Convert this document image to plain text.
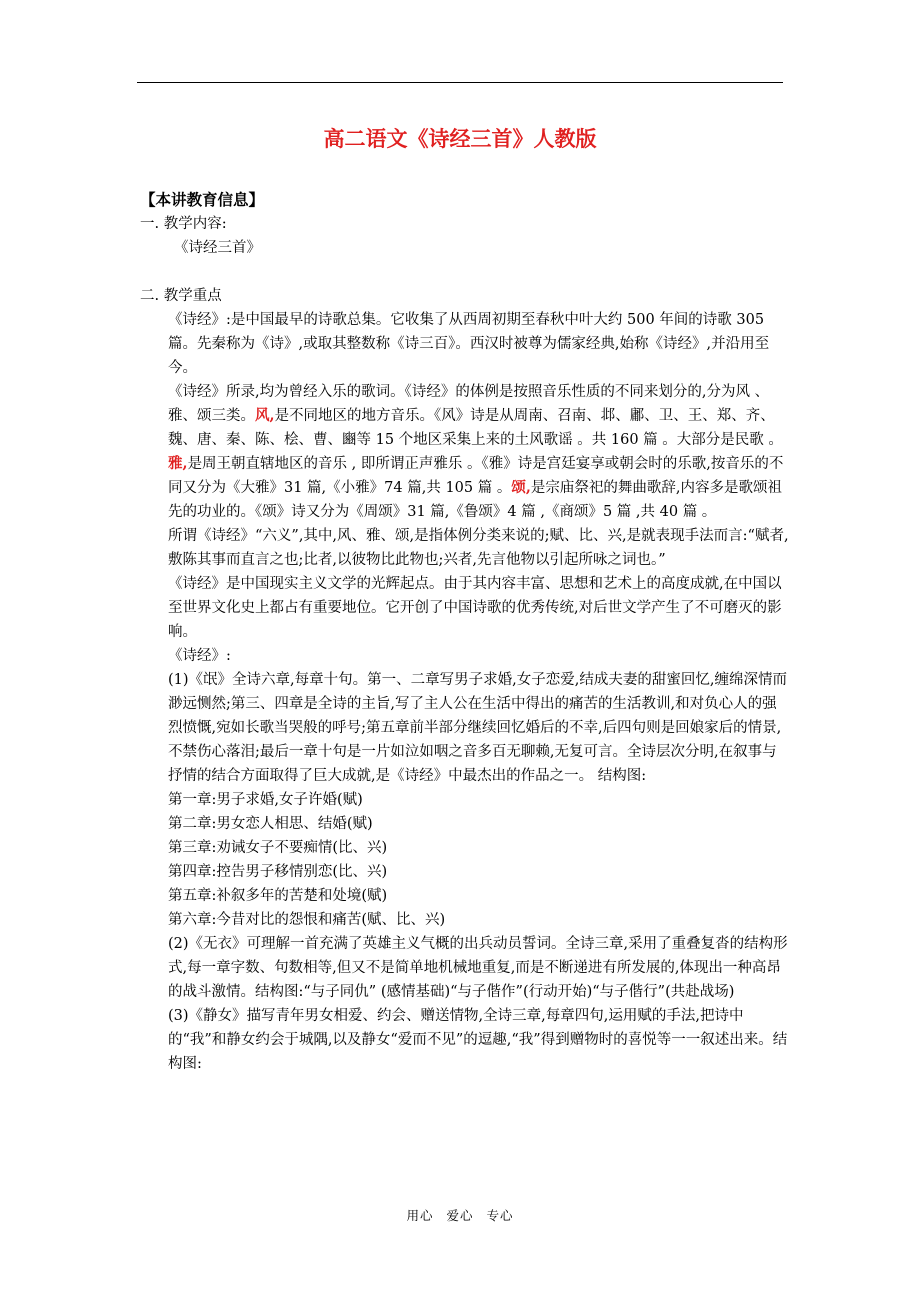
高二语文《诗经三首》人教版

【本讲教育信息】

一. 教学内容:

《诗经三首》

二. 教学重点

《诗经》:是中国最早的诗歌总集。它收集了从西周初期至春秋中叶大约 500 年间的诗歌 305 篇。先秦称为《诗》,或取其整数称《诗三百》。西汉时被尊为儒家经典,始称《诗经》,并沿用至今。

《诗经》所录,均为曾经入乐的歌词。《诗经》的体例是按照音乐性质的不同来划分的,分为风 、雅、颂三类。风,是不同地区的地方音乐。《风》诗是从周南、召南、邶、鄘、卫、王、郑、齐、魏、唐、秦、陈、桧、曹、豳等 15 个地区采集上来的土风歌谣 。共 160 篇 。大部分是民歌 。 雅,是周王朝直辖地区的音乐 , 即所谓正声雅乐 。《雅》诗是宫廷宴享或朝会时的乐歌,按音乐的不同又分为《大雅》31 篇,《小雅》74 篇,共 105 篇 。颂,是宗庙祭祀的舞曲歌辞,内容多是歌颂祖先的功业的。《颂》诗又分为《周颂》31 篇,《鲁颂》4 篇 ,《商颂》5 篇 ,共 40 篇 。

所谓《诗经》“六义”,其中,风、雅、颂,是指体例分类来说的;赋、比、兴,是就表现手法而言:“赋者,敷陈其事而直言之也;比者,以彼物比此物也;兴者,先言他物以引起所咏之词也。”

《诗经》是中国现实主义文学的光辉起点。由于其内容丰富、思想和艺术上的高度成就,在中国以至世界文化史上都占有重要地位。它开创了中国诗歌的优秀传统,对后世文学产生了不可磨灭的影响。

《诗经》:

(1)《氓》全诗六章,每章十句。第一、二章写男子求婚,女子恋爱,结成夫妻的甜蜜回忆,缠绵深情而渺远恻然;第三、四章是全诗的主旨,写了主人公在生活中得出的痛苦的生活教训,和对负心人的强烈愤慨,宛如长歌当哭般的呼号;第五章前半部分继续回忆婚后的不幸,后四句则是回娘家后的情景,不禁伤心落泪;最后一章十句是一片如泣如咽之音多百无聊赖,无复可言。全诗层次分明,在叙事与抒情的结合方面取得了巨大成就,是《诗经》中最杰出的作品之一。 结构图:

第一章:男子求婚,女子许婚(赋)

第二章:男女恋人相思、结婚(赋)

第三章:劝诫女子不要痴情(比、兴)

第四章:控告男子移情别恋(比、兴)

第五章:补叙多年的苦楚和处境(赋)

第六章:今昔对比的怨恨和痛苦(赋、比、兴)

(2)《无衣》可理解一首充满了英雄主义气概的出兵动员誓词。全诗三章,采用了重叠复沓的结构形式,每一章字数、句数相等,但又不是简单地机械地重复,而是不断递进有所发展的,体现出一种高昂的战斗激情。结构图:“与子同仇” (感情基础)“与子偕作”(行动开始)“与子偕行”(共赴战场)

(3)《静女》描写青年男女相爱、约会、赠送情物,全诗三章,每章四句,运用赋的手法,把诗中的“我”和静女约会于城隅,以及静女“爱而不见”的逗趣,“我”得到赠物时的喜悦等一一叙述出来。结构图:

用心 爱心 专心
